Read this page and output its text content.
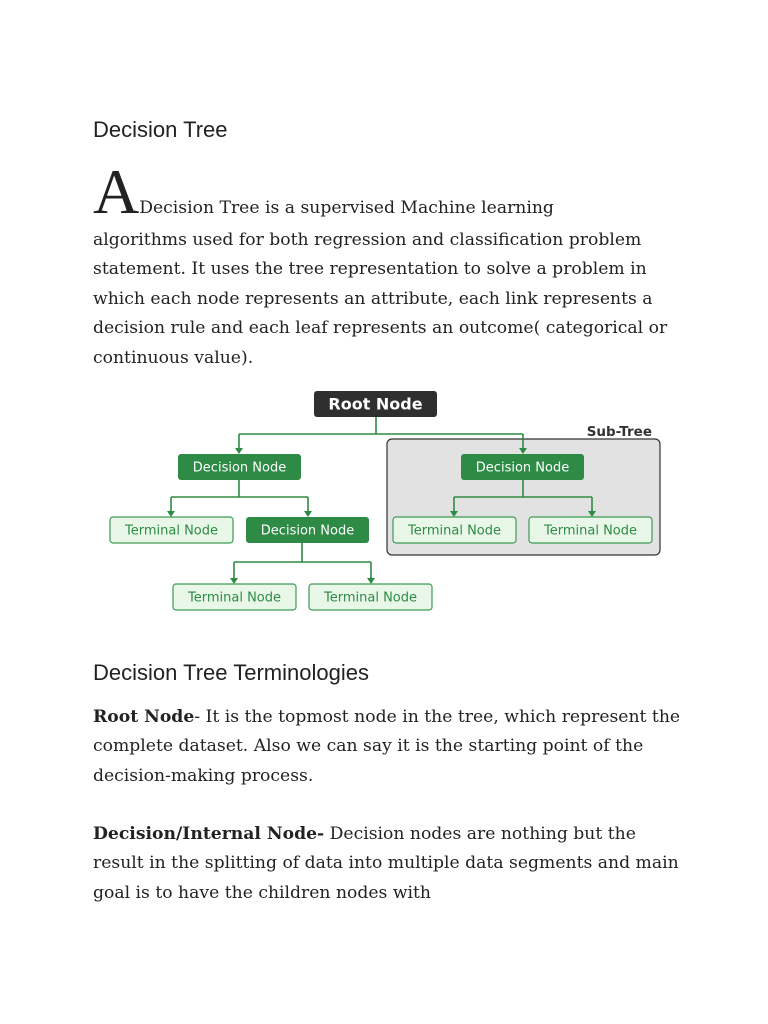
Decision Tree
ADecision Tree is a supervised Machine learning
algorithms used for both regression and classification problem statement. It uses the tree representation to solve a problem in which each node represents an attribute, each link represents a decision rule and each leaf represents an outcome( categorical or continuous value).
Sub-Tree
Root Node
Decision Node	Decision Node
Decision Node
Terminal Node	Terminal Node	Terminal Node
Terminal Node	Terminal Node
Decision Tree Terminologies

Root Node- It is the topmost node in the tree, which represent the complete dataset. Also we can say it is the starting point of the decision-making process.

Decision/Internal Node- Decision nodes are nothing but the result in the splitting of data into multiple data segments and main goal is to have the children nodes with
